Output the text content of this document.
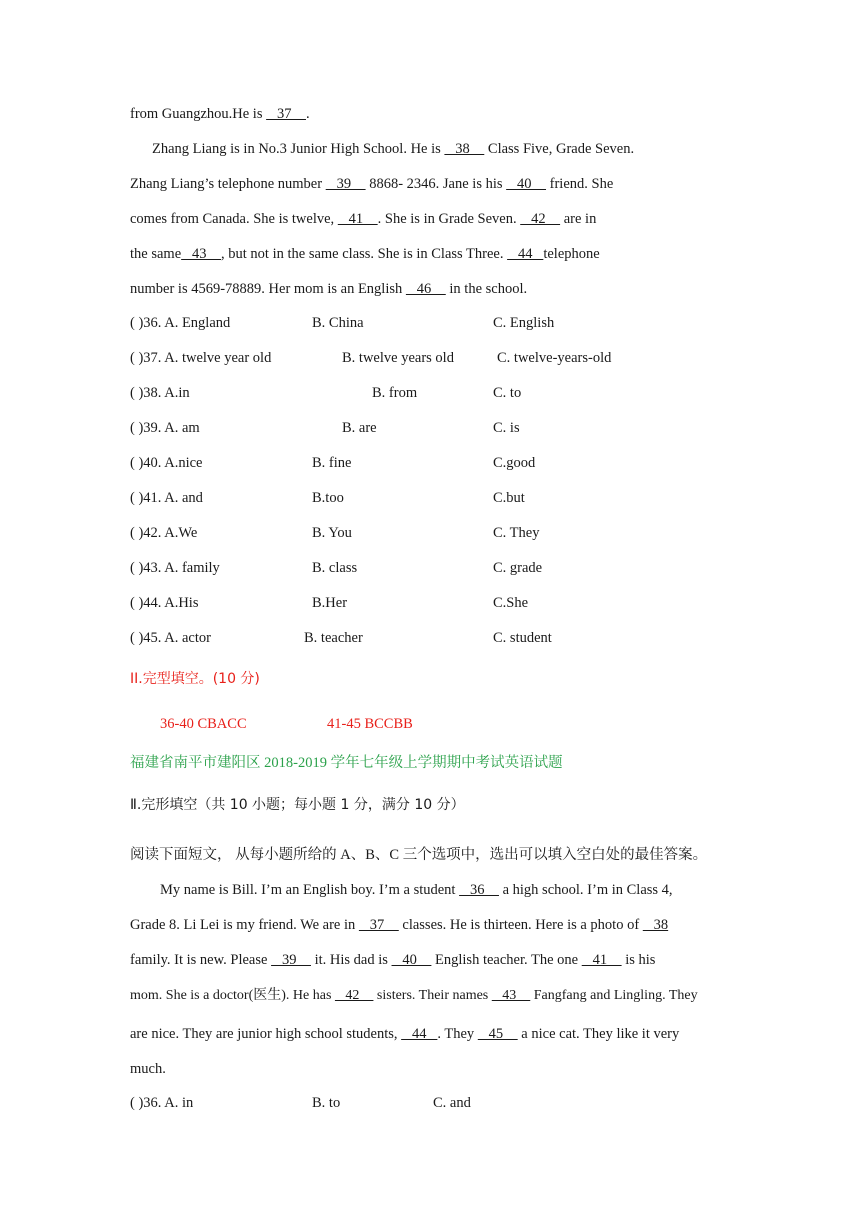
from Guangzhou.He is    37    .
Zhang Liang is in No.3 Junior High School. He is    38     Class Five, Grade Seven.
Zhang Liang’s telephone number    39     8868- 2346. Jane is his    40     friend. She
comes from Canada. She is twelve,    41    . She is in Grade Seven.    42     are in
the same   43    , but not in the same class. She is in Class Three.    44   telephone
number is 4569-78889. Her mom is an English    46     in the school.
( )36. A. England	B. China	C. English
( )37. A. twelve year old	B. twelve years old	C. twelve-years-old
( )38. A.in	B. from	C. to
( )39. A. am	B. are	C. is
( )40. A.nice	B. fine	C.good
( )41. A. and	B.too	C.but
( )42. A.We	B. You	C. They
( )43. A. family	B. class	C. grade
( )44. A.His	B.Her	C.She
( )45. A. actor	B. teacher	C. student
II.完型填空。(10 分)
36-40 CBACC	41-45 BCCBB
福建省南平市建阳区 2018-2019 学年七年级上学期期中考试英语试题
Ⅱ.完形填空（共 10 小题；每小题 1 分，满分 10 分）
阅读下面短文， 从每小题所给的 A、B、C 三个选项中，选出可以填入空白处的最佳答案。
My name is Bill. I’m an English boy. I’m a student    36     a high school. I’m in Class 4,
Grade 8. Li Lei is my friend. We are in    37     classes. He is thirteen. Here is a photo of    38
family. It is new. Please    39     it. His dad is    40     English teacher. The one    41     is his
mom. She is a doctor(医生). He has    42     sisters. Their names    43     Fangfang and Lingling. They
are nice. They are junior high school students,    44   . They    45     a nice cat. They like it very
much.
( )36. A. in	B. to	C. and
